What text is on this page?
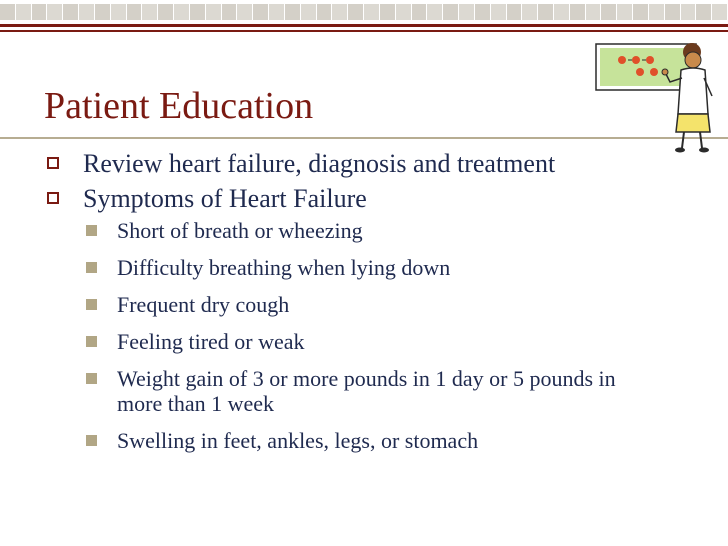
Patient Education
Review heart failure, diagnosis and treatment
Symptoms of Heart Failure
Short of breath or wheezing
Difficulty breathing when lying down
Frequent dry cough
Feeling tired or weak
Weight gain of 3 or more pounds in 1 day or 5 pounds in more than 1 week
Swelling in feet, ankles, legs, or stomach
